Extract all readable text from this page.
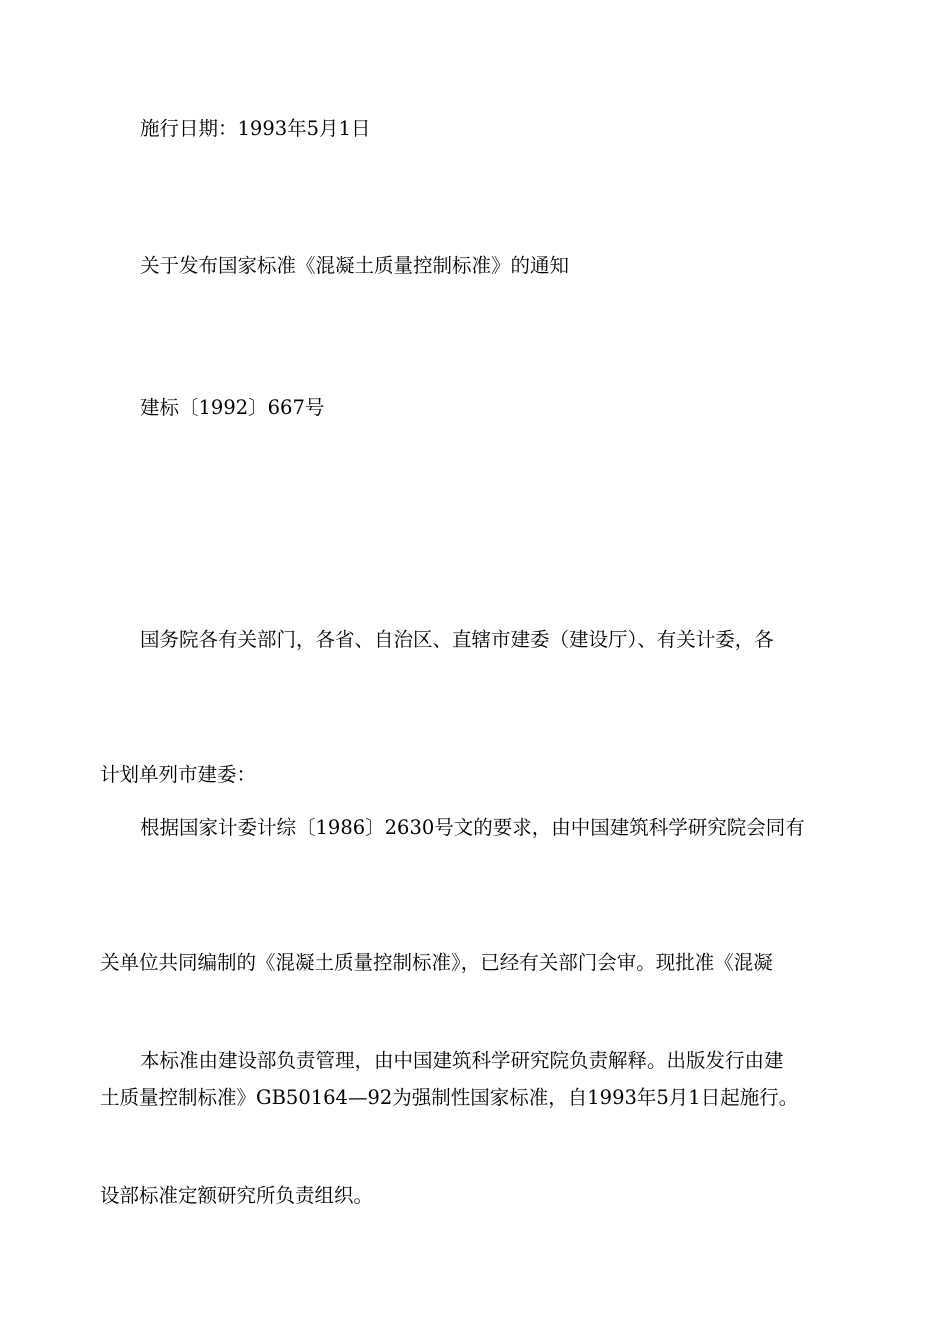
施行日期：1993年5月1日

关于发布国家标准《混凝土质量控制标准》的通知

建标〔1992〕667号

国务院各有关部门，各省、自治区、直辖市建委（建设厅）、有关计委，各

计划单列市建委：

根据国家计委计综〔1986〕2630号文的要求，由中国建筑科学研究院会同有

关单位共同编制的《混凝土质量控制标准》，已经有关部门会审。现批准《混凝

土质量控制标准》GB50164—92为强制性国家标准，自1993年5月1日起施行。

本标准由建设部负责管理，由中国建筑科学研究院负责解释。出版发行由建

设部标准定额研究所负责组织。
